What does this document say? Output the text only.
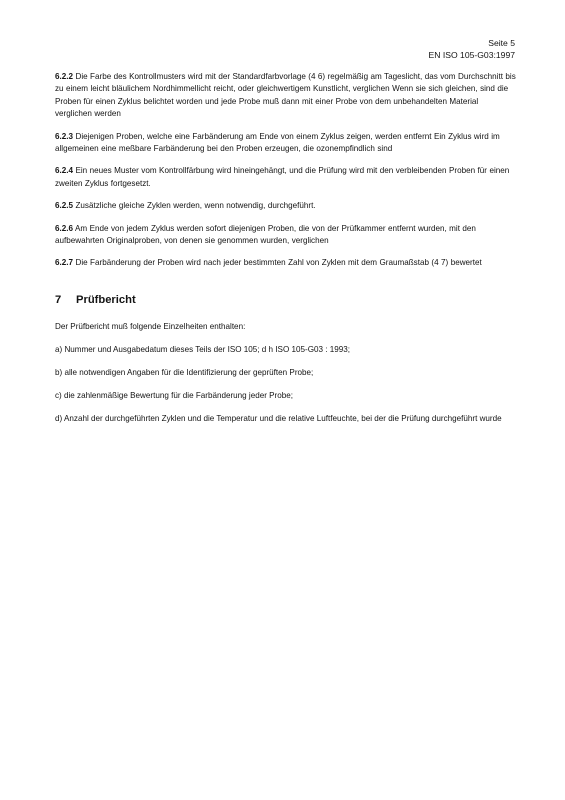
Seite 5
EN ISO 105-G03:1997

6.2.2 Die Farbe des Kontrollmusters wird mit der Standardfarbvorlage (4 6) regelmäßig am Tageslicht, das vom Durchschnitt bis zu einem leicht bläulichem Nordhimmellicht reicht, oder gleichwertigem Kunstlicht, verglichen Wenn sie sich gleichen, sind die Proben für einen Zyklus belichtet worden und jede Probe muß dann mit einer Probe von dem unbehandelten Material verglichen werden

6.2.3 Diejenigen Proben, welche eine Farbänderung am Ende von einem Zyklus zeigen, werden entfernt Ein Zyklus wird im allgemeinen eine meßbare Farbänderung bei den Proben erzeugen, die ozonempfindlich sind

6.2.4 Ein neues Muster vom Kontrollfärbung wird hineingehängt, und die Prüfung wird mit den verbleibenden Proben für einen zweiten Zyklus fortgesetzt.

6.2.5 Zusätzliche gleiche Zyklen werden, wenn notwendig, durchgeführt.

6.2.6 Am Ende von jedem Zyklus werden sofort diejenigen Proben, die von der Prüfkammer entfernt wurden, mit den aufbewahrten Originalproben, von denen sie genommen wurden, verglichen

6.2.7 Die Farbänderung der Proben wird nach jeder bestimmten Zahl von Zyklen mit dem Graumaßstab (4 7) bewertet

7 Prüfbericht

Der Prüfbericht muß folgende Einzelheiten enthalten:

a) Nummer und Ausgabedatum dieses Teils der ISO 105; d h ISO 105-G03 : 1993;

b) alle notwendigen Angaben für die Identifizierung der geprüften Probe;

c) die zahlenmäßige Bewertung für die Farbänderung jeder Probe;

d) Anzahl der durchgeführten Zyklen und die Temperatur und die relative Luftfeuchte, bei der die Prüfung durchgeführt wurde
